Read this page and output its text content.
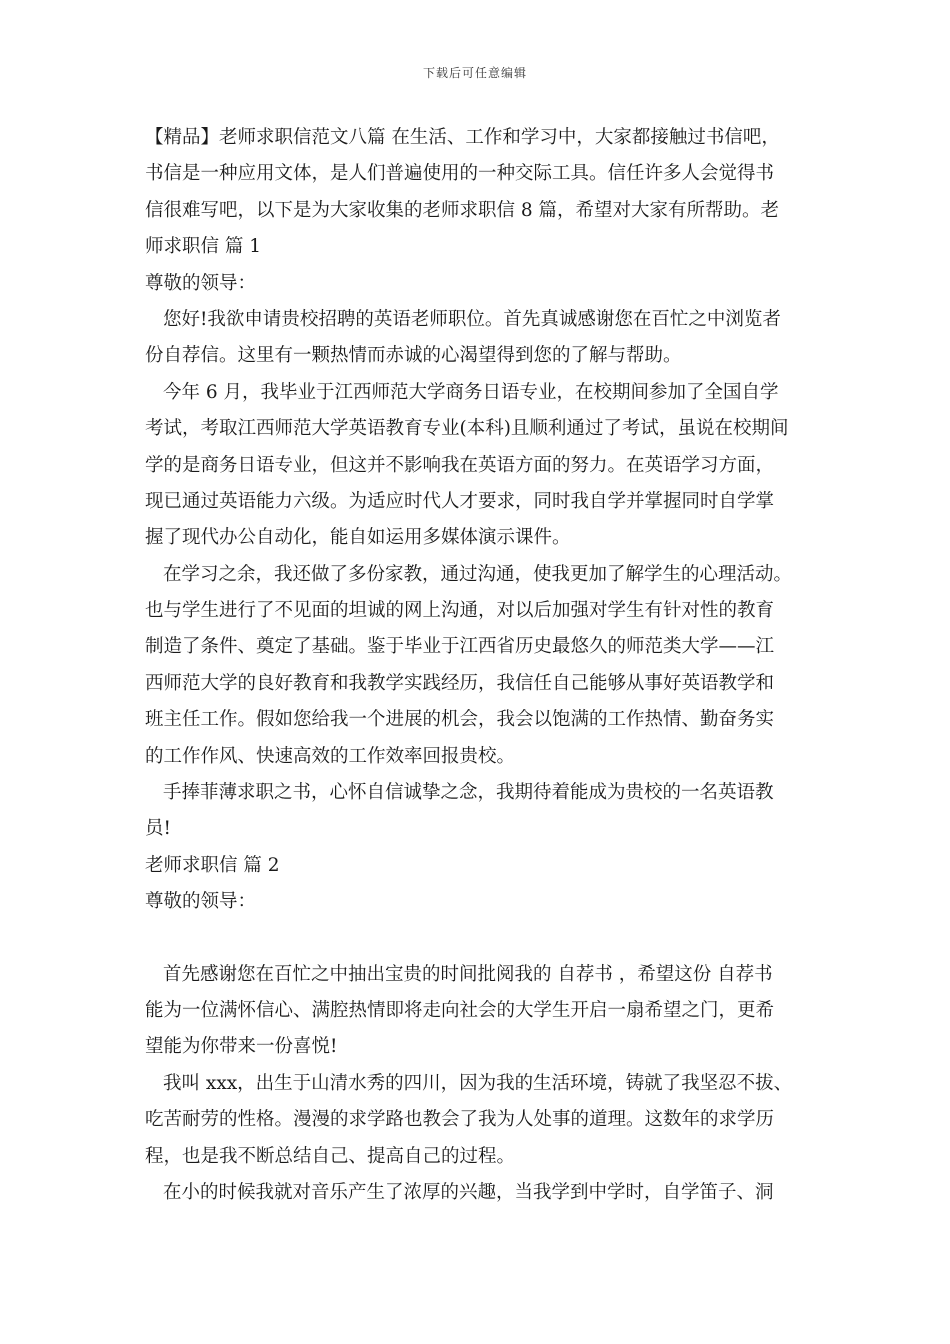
下载后可任意编辑
【精品】老师求职信范文八篇 在生活、工作和学习中，大家都接触过书信吧，
书信是一种应用文体，是人们普遍使用的一种交际工具。信任许多人会觉得书
信很难写吧，以下是为大家收集的老师求职信 8 篇，希望对大家有所帮助。老
师求职信 篇 1
尊敬的领导：
您好!我欲申请贵校招聘的英语老师职位。首先真诚感谢您在百忙之中浏览者
份自荐信。这里有一颗热情而赤诚的心渴望得到您的了解与帮助。
今年 6 月，我毕业于江西师范大学商务日语专业，在校期间参加了全国自学
考试，考取江西师范大学英语教育专业(本科)且顺利通过了考试，虽说在校期间
学的是商务日语专业，但这并不影响我在英语方面的努力。在英语学习方面，
现已通过英语能力六级。为适应时代人才要求，同时我自学并掌握同时自学掌
握了现代办公自动化，能自如运用多媒体演示课件。
在学习之余，我还做了多份家教，通过沟通，使我更加了解学生的心理活动。
也与学生进行了不见面的坦诚的网上沟通，对以后加强对学生有针对性的教育
制造了条件、奠定了基础。鉴于毕业于江西省历史最悠久的师范类大学——江
西师范大学的良好教育和我教学实践经历，我信任自己能够从事好英语教学和
班主任工作。假如您给我一个进展的机会，我会以饱满的工作热情、勤奋务实
的工作作风、快速高效的工作效率回报贵校。
手捧菲薄求职之书，心怀自信诚挚之念，我期待着能成为贵校的一名英语教
员!
老师求职信 篇 2
尊敬的领导：
首先感谢您在百忙之中抽出宝贵的时间批阅我的 自荐书 ，希望这份 自荐书
能为一位满怀信心、满腔热情即将走向社会的大学生开启一扇希望之门，更希
望能为你带来一份喜悦!
我叫 xxx，出生于山清水秀的四川，因为我的生活环境，铸就了我坚忍不拔、
吃苦耐劳的性格。漫漫的求学路也教会了我为人处事的道理。这数年的求学历
程，也是我不断总结自己、提高自己的过程。
在小的时候我就对音乐产生了浓厚的兴趣，当我学到中学时，自学笛子、洞
